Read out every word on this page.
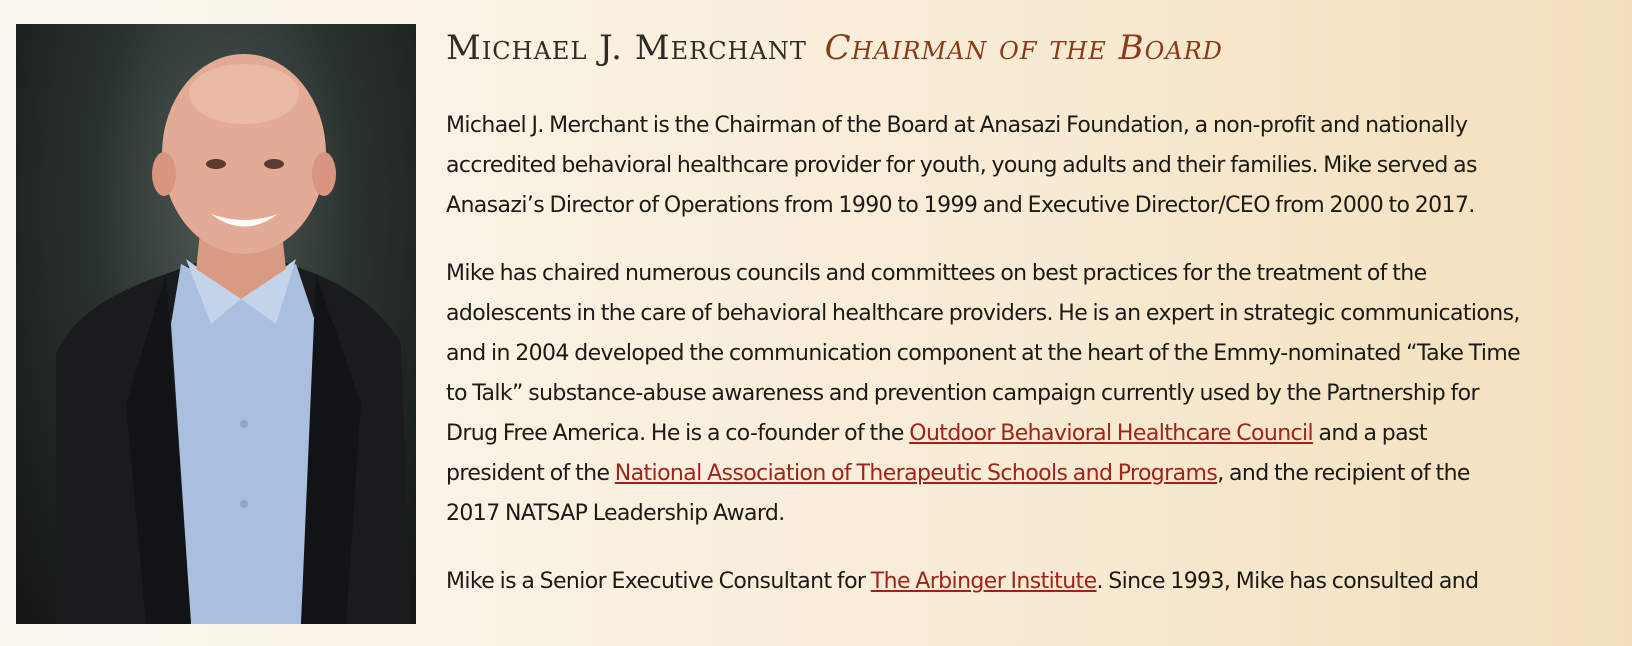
Michael J. Merchant Chairman of the Board

Michael J. Merchant is the Chairman of the Board at Anasazi Foundation, a non-profit and nationally
accredited behavioral healthcare provider for youth, young adults and their families. Mike served as
Anasazi’s Director of Operations from 1990 to 1999 and Executive Director/CEO from 2000 to 2017.

Mike has chaired numerous councils and committees on best practices for the treatment of the
adolescents in the care of behavioral healthcare providers. He is an expert in strategic communications,
and in 2004 developed the communication component at the heart of the Emmy-nominated “Take Time
to Talk” substance-abuse awareness and prevention campaign currently used by the Partnership for
Drug Free America. He is a co-founder of the Outdoor Behavioral Healthcare Council and a past
president of the National Association of Therapeutic Schools and Programs, and the recipient of the
2017 NATSAP Leadership Award.

Mike is a Senior Executive Consultant for The Arbinger Institute. Since 1993, Mike has consulted and
